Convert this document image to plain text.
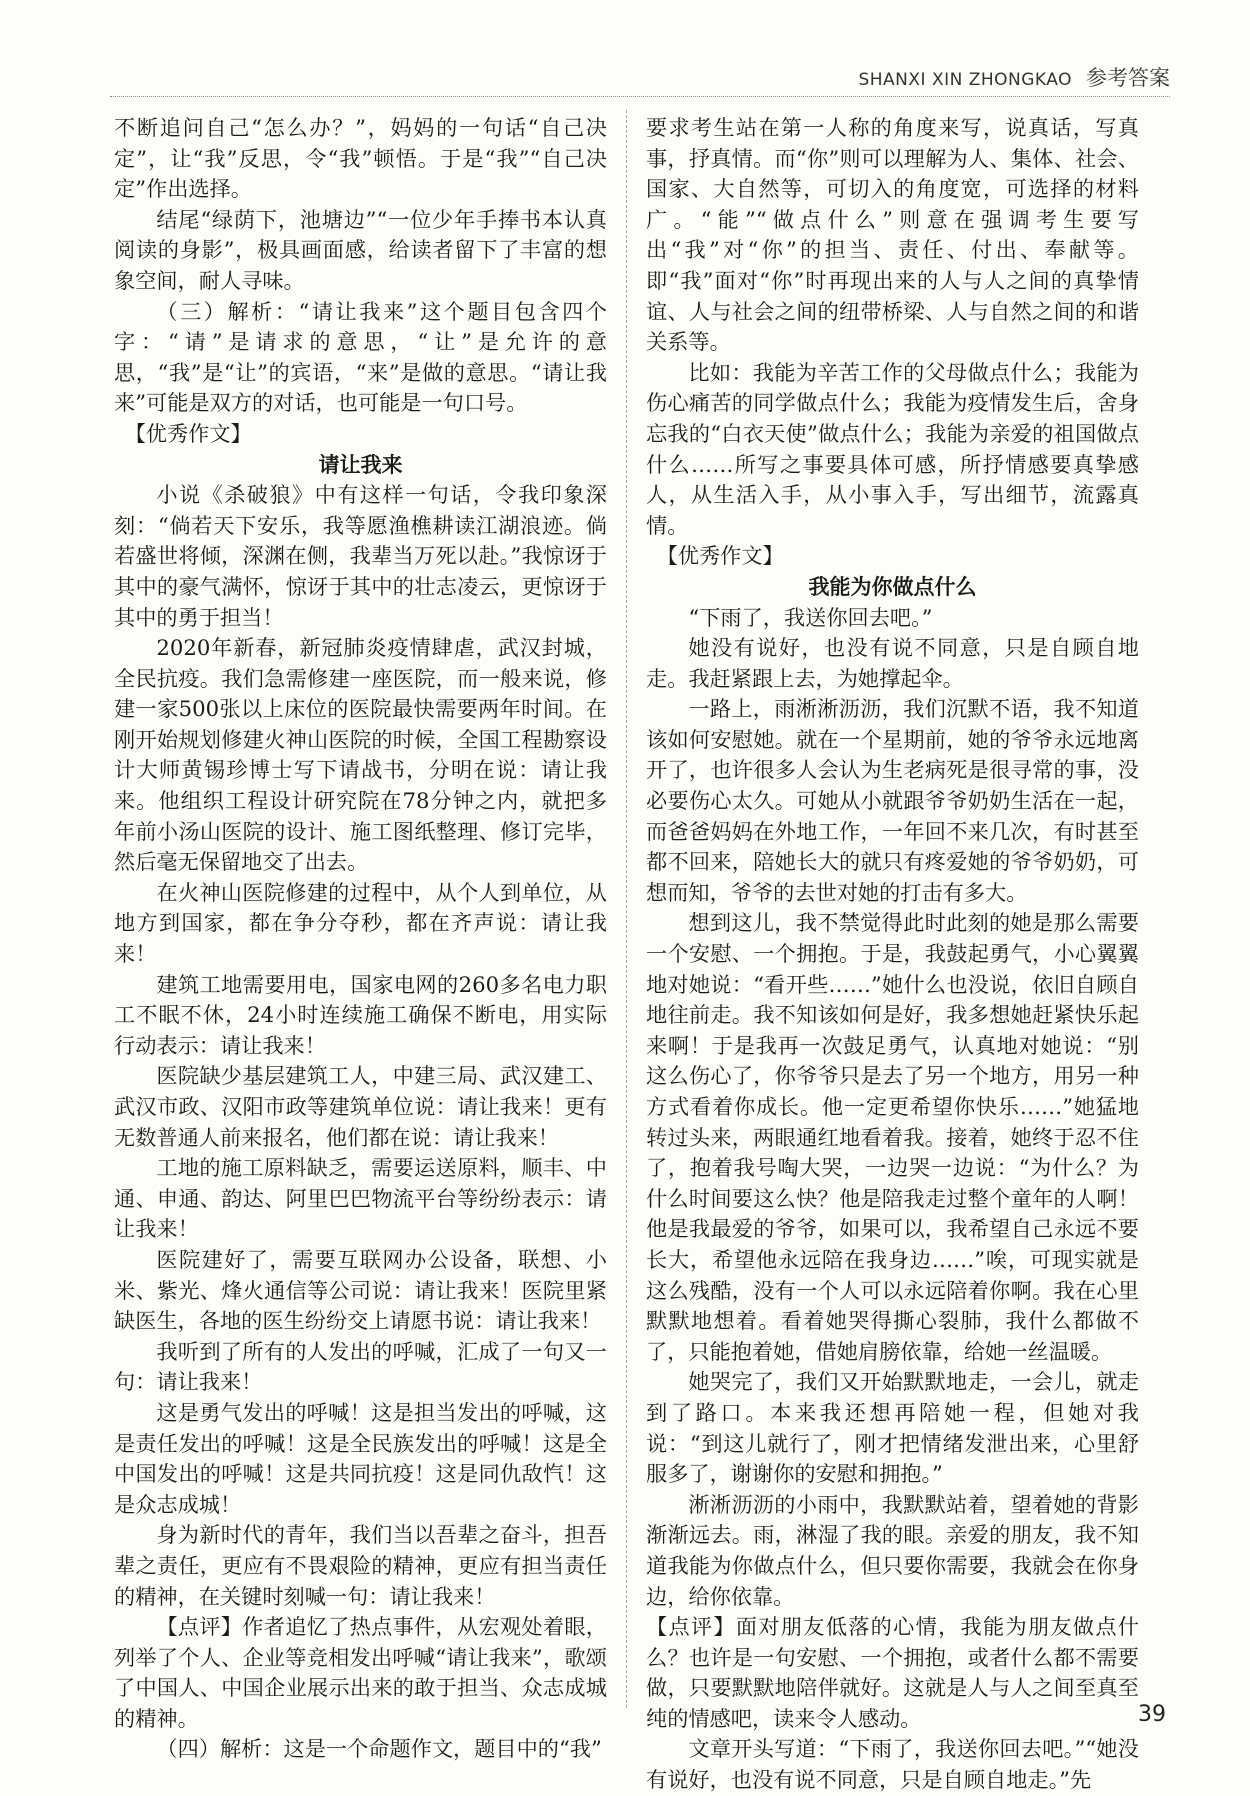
SHANXI XIN ZHONGKAO 参考答案

不断追问自己“怎么办？”，妈妈的一句话“自己决定”，让“我”反思，令“我”顿悟。于是“我”“自己决定”作出选择。

结尾“绿荫下，池塘边”“一位少年手捧书本认真阅读的身影”，极具画面感，给读者留下了丰富的想象空间，耐人寻味。

（三）解析：“请让我来”这个题目包含四个字：“请”是请求的意思，“让”是允许的意思，“我”是“让”的宾语，“来”是做的意思。“请让我来”可能是双方的对话，也可能是一句口号。

【优秀作文】

请让我来

小说《杀破狼》中有这样一句话，令我印象深刻：“倘若天下安乐，我等愿渔樵耕读江湖浪迹。倘若盛世将倾，深渊在侧，我辈当万死以赴。”我惊讶于其中的豪气满怀，惊讶于其中的壮志凌云，更惊讶于其中的勇于担当！

2020年新春，新冠肺炎疫情肆虐，武汉封城，全民抗疫。我们急需修建一座医院，而一般来说，修建一家500张以上床位的医院最快需要两年时间。在刚开始规划修建火神山医院的时候，全国工程勘察设计大师黄锡珍博士写下请战书，分明在说：请让我来。他组织工程设计研究院在78分钟之内，就把多年前小汤山医院的设计、施工图纸整理、修订完毕，然后毫无保留地交了出去。

在火神山医院修建的过程中，从个人到单位，从地方到国家，都在争分夺秒，都在齐声说：请让我来！

建筑工地需要用电，国家电网的260多名电力职工不眠不休，24小时连续施工确保不断电，用实际行动表示：请让我来！

医院缺少基层建筑工人，中建三局、武汉建工、武汉市政、汉阳市政等建筑单位说：请让我来！更有无数普通人前来报名，他们都在说：请让我来！

工地的施工原料缺乏，需要运送原料，顺丰、中通、申通、韵达、阿里巴巴物流平台等纷纷表示：请让我来！

医院建好了，需要互联网办公设备，联想、小米、紫光、烽火通信等公司说：请让我来！医院里紧缺医生，各地的医生纷纷交上请愿书说：请让我来！

我听到了所有的人发出的呼喊，汇成了一句又一句：请让我来！

这是勇气发出的呼喊！这是担当发出的呼喊，这是责任发出的呼喊！这是全民族发出的呼喊！这是全中国发出的呼喊！这是共同抗疫！这是同仇敌忾！这是众志成城！

身为新时代的青年，我们当以吾辈之奋斗，担吾辈之责任，更应有不畏艰险的精神，更应有担当责任的精神，在关键时刻喊一句：请让我来！

【点评】作者追忆了热点事件，从宏观处着眼，列举了个人、企业等竞相发出呼喊“请让我来”，歌颂了中国人、中国企业展示出来的敢于担当、众志成城的精神。

（四）解析：这是一个命题作文，题目中的“我”

要求考生站在第一人称的角度来写，说真话，写真事，抒真情。而“你”则可以理解为人、集体、社会、国家、大自然等，可切入的角度宽，可选择的材料广。“能”“做点什么”则意在强调考生要写出“我”对“你”的担当、责任、付出、奉献等。即“我”面对“你”时再现出来的人与人之间的真挚情谊、人与社会之间的纽带桥梁、人与自然之间的和谐关系等。

比如：我能为辛苦工作的父母做点什么；我能为伤心痛苦的同学做点什么；我能为疫情发生后，舍身忘我的“白衣天使”做点什么；我能为亲爱的祖国做点什么……所写之事要具体可感，所抒情感要真挚感人，从生活入手，从小事入手，写出细节，流露真情。

【优秀作文】

我能为你做点什么

“下雨了，我送你回去吧。”

她没有说好，也没有说不同意，只是自顾自地走。我赶紧跟上去，为她撑起伞。

一路上，雨淅淅沥沥，我们沉默不语，我不知道该如何安慰她。就在一个星期前，她的爷爷永远地离开了，也许很多人会认为生老病死是很寻常的事，没必要伤心太久。可她从小就跟爷爷奶奶生活在一起，而爸爸妈妈在外地工作，一年回不来几次，有时甚至都不回来，陪她长大的就只有疼爱她的爷爷奶奶，可想而知，爷爷的去世对她的打击有多大。

想到这儿，我不禁觉得此时此刻的她是那么需要一个安慰、一个拥抱。于是，我鼓起勇气，小心翼翼地对她说：“看开些……”她什么也没说，依旧自顾自地往前走。我不知该如何是好，我多想她赶紧快乐起来啊！于是我再一次鼓足勇气，认真地对她说：“别这么伤心了，你爷爷只是去了另一个地方，用另一种方式看着你成长。他一定更希望你快乐……”她猛地转过头来，两眼通红地看着我。接着，她终于忍不住了，抱着我号啕大哭，一边哭一边说：“为什么？为什么时间要这么快？他是陪我走过整个童年的人啊！他是我最爱的爷爷，如果可以，我希望自己永远不要长大，希望他永远陪在我身边……”唉，可现实就是这么残酷，没有一个人可以永远陪着你啊。我在心里默默地想着。看着她哭得撕心裂肺，我什么都做不了，只能抱着她，借她肩膀依靠，给她一丝温暖。

她哭完了，我们又开始默默地走，一会儿，就走到了路口。本来我还想再陪她一程，但她对我说：“到这儿就行了，刚才把情绪发泄出来，心里舒服多了，谢谢你的安慰和拥抱。”

淅淅沥沥的小雨中，我默默站着，望着她的背影渐渐远去。雨，淋湿了我的眼。亲爱的朋友，我不知道我能为你做点什么，但只要你需要，我就会在你身边，给你依靠。

【点评】面对朋友低落的心情，我能为朋友做点什么？也许是一句安慰、一个拥抱，或者什么都不需要做，只要默默地陪伴就好。这就是人与人之间至真至纯的情感吧，读来令人感动。

文章开头写道：“下雨了，我送你回去吧。”“她没有说好，也没有说不同意，只是自顾自地走。”先

39
